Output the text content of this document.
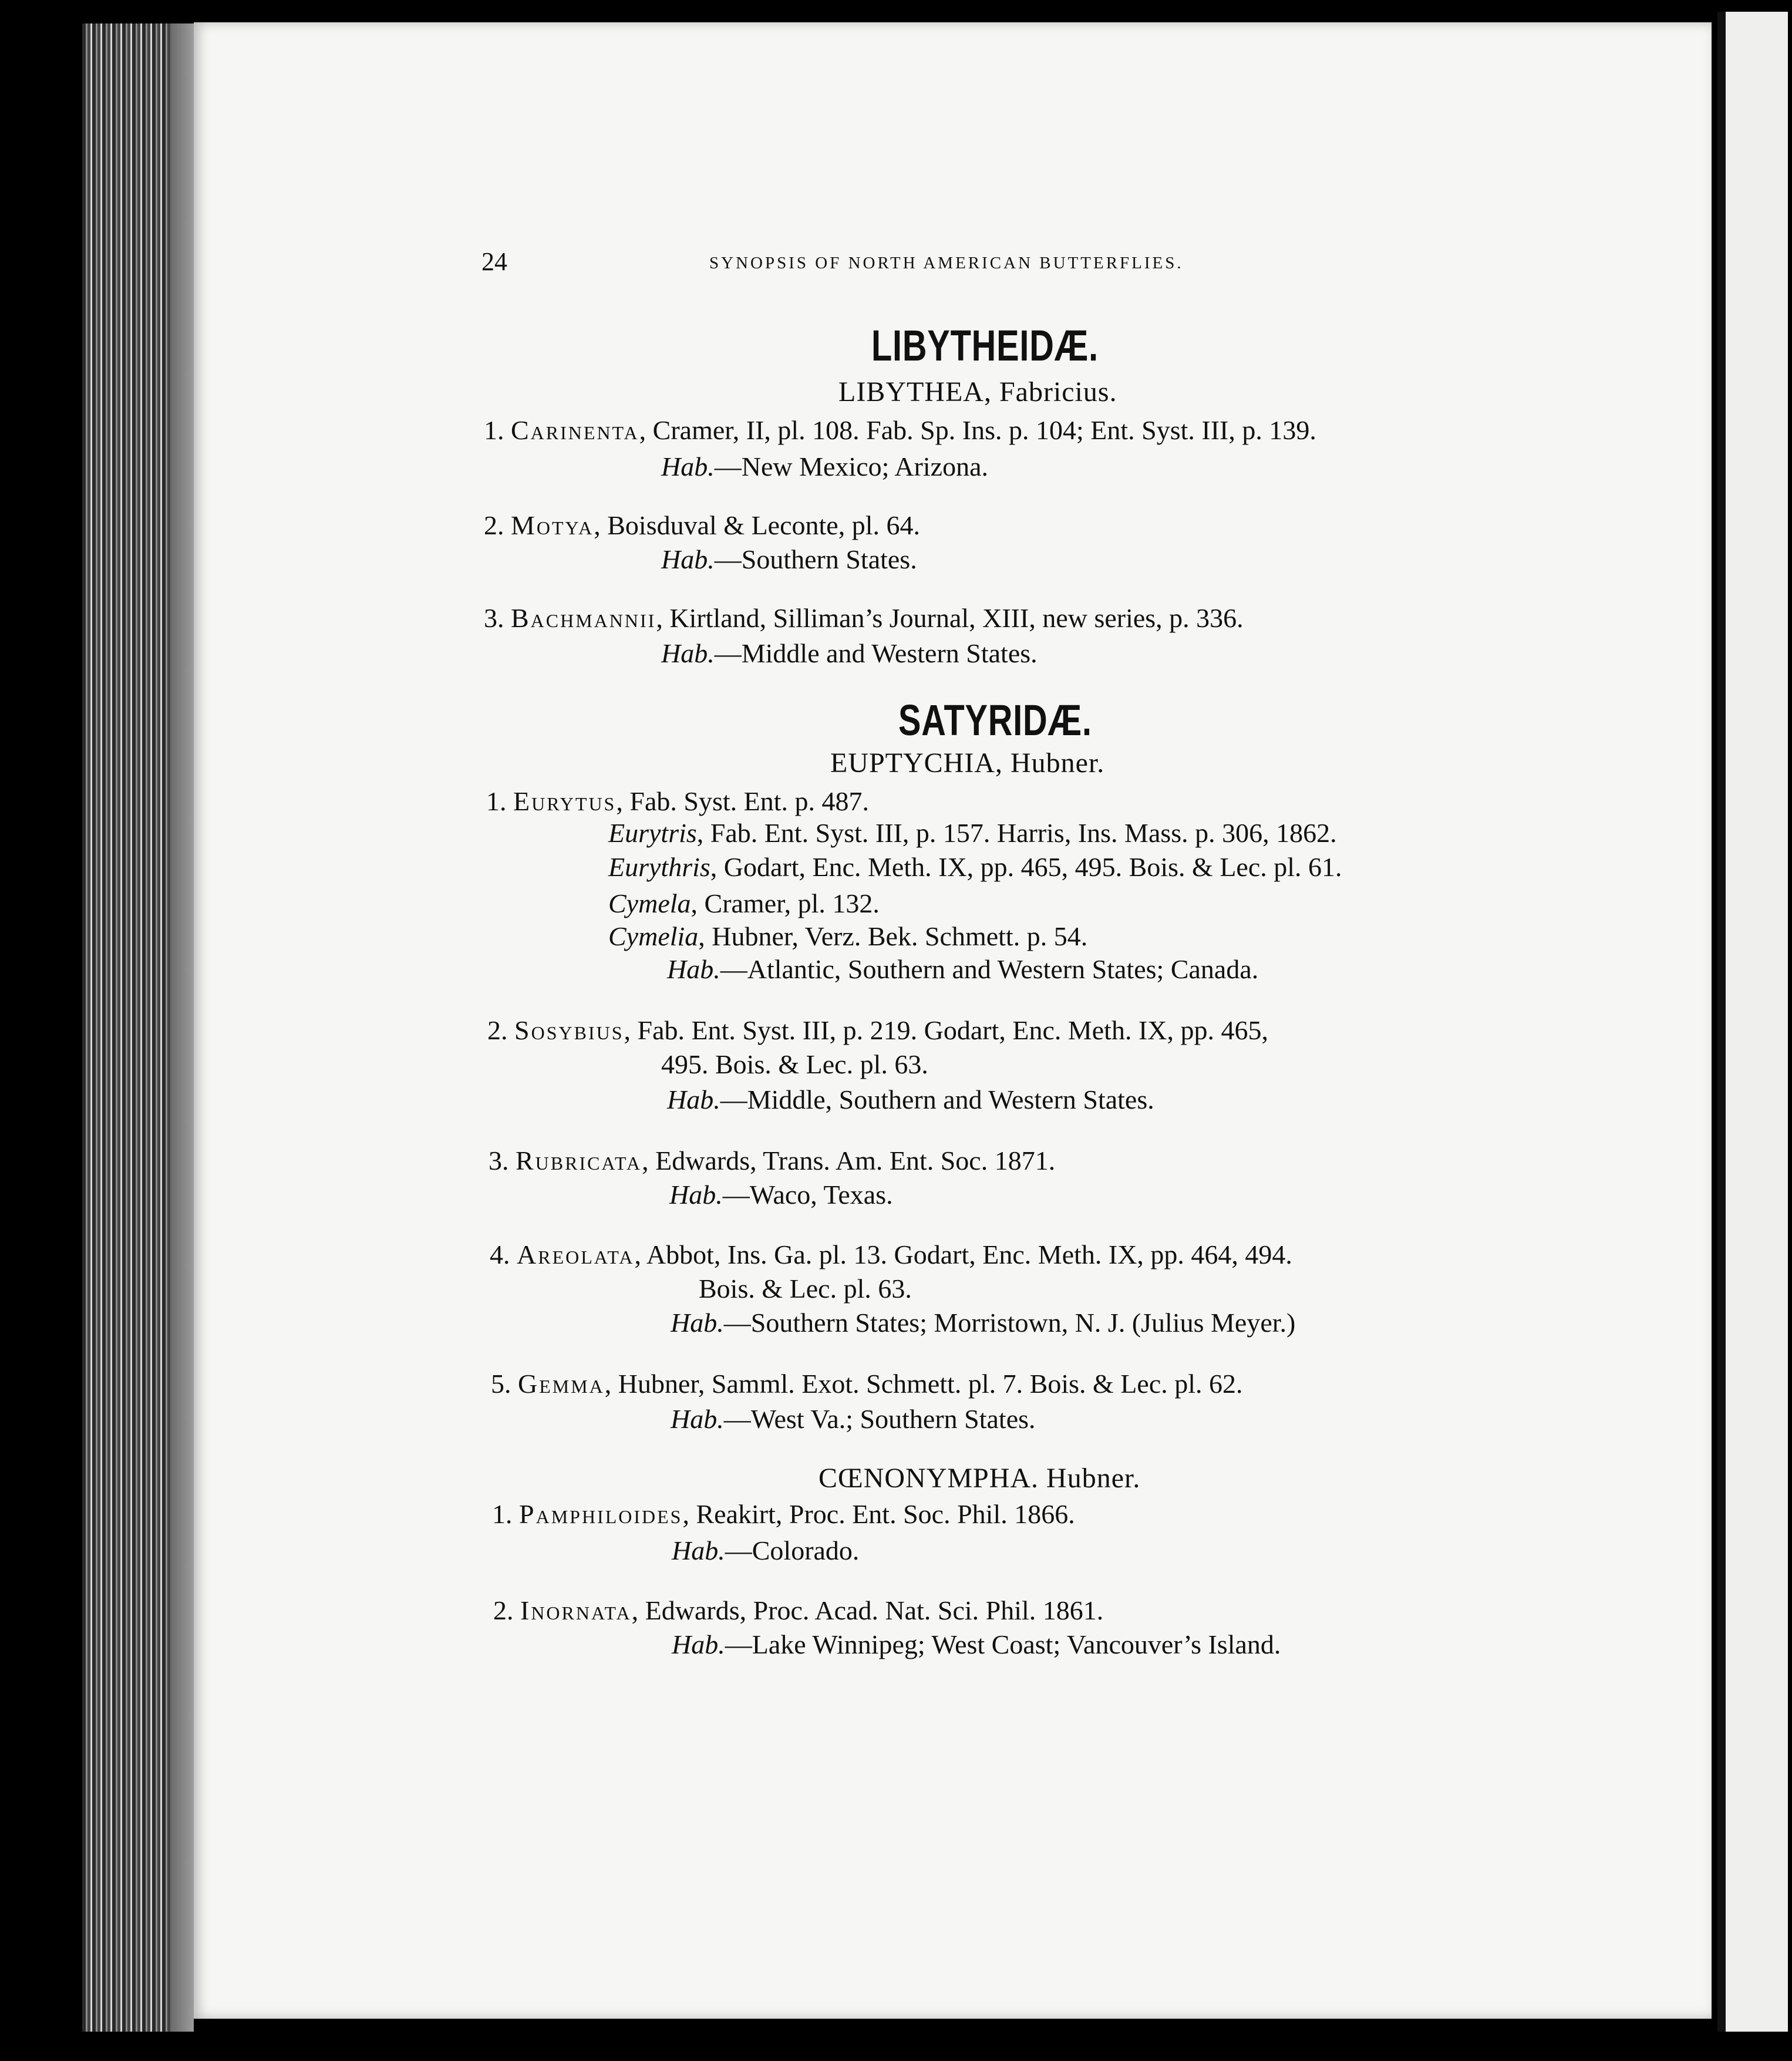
24	SYNOPSIS OF NORTH AMERICAN BUTTERFLIES.
LIBYTHEIDÆ.
LIBYTHEA, Fabricius.
1. Carinenta, Cramer, II, pl. 108. Fab. Sp. Ins. p. 104; Ent. Syst. III, p. 139.
Hab.—New Mexico; Arizona.
2. Motya, Boisduval & Leconte, pl. 64.
Hab.—Southern States.
3. Bachmannii, Kirtland, Silliman’s Journal, XIII, new series, p. 336.
Hab.—Middle and Western States.
SATYRIDÆ.
EUPTYCHIA, Hubner.
1. Eurytus, Fab. Syst. Ent. p. 487.
Eurytris, Fab. Ent. Syst. III, p. 157. Harris, Ins. Mass. p. 306, 1862.
Eurythris, Godart, Enc. Meth. IX, pp. 465, 495. Bois. & Lec. pl. 61.
Cymela, Cramer, pl. 132.
Cymelia, Hubner, Verz. Bek. Schmett. p. 54.
Hab.—Atlantic, Southern and Western States; Canada.
2. Sosybius, Fab. Ent. Syst. III, p. 219. Godart, Enc. Meth. IX, pp. 465,
495. Bois. & Lec. pl. 63.
Hab.—Middle, Southern and Western States.
3. Rubricata, Edwards, Trans. Am. Ent. Soc. 1871.
Hab.—Waco, Texas.
4. Areolata, Abbot, Ins. Ga. pl. 13. Godart, Enc. Meth. IX, pp. 464, 494.
Bois. & Lec. pl. 63.
Hab.—Southern States; Morristown, N. J. (Julius Meyer.)
5. Gemma, Hubner, Samml. Exot. Schmett. pl. 7. Bois. & Lec. pl. 62.
Hab.—West Va.; Southern States.
CŒNONYMPHA. Hubner.
1. Pamphiloides, Reakirt, Proc. Ent. Soc. Phil. 1866.
Hab.—Colorado.
2. Inornata, Edwards, Proc. Acad. Nat. Sci. Phil. 1861.
Hab.—Lake Winnipeg; West Coast; Vancouver’s Island.
